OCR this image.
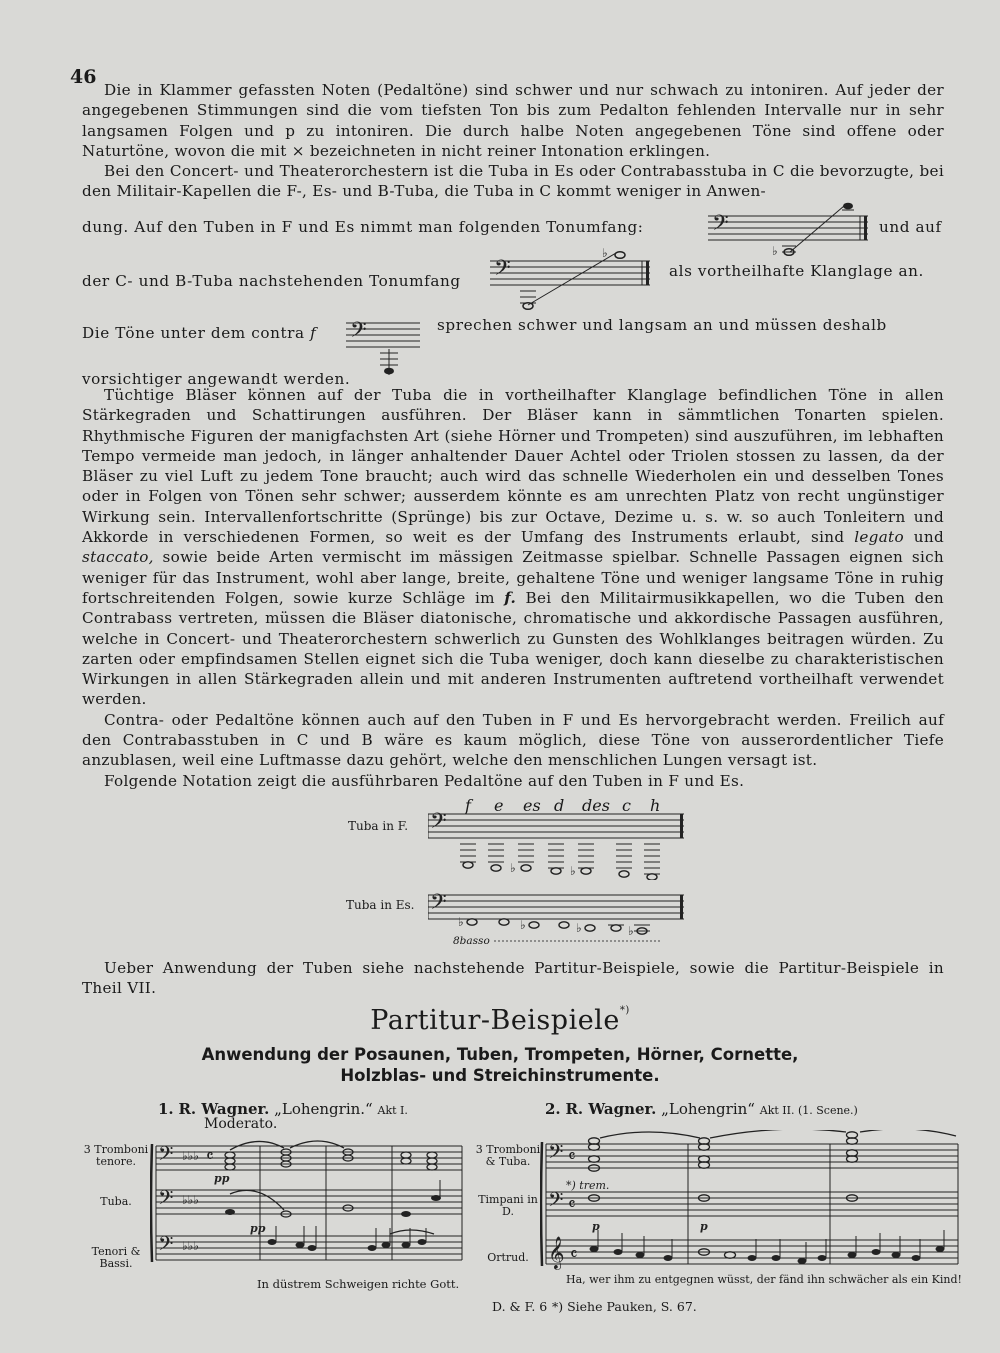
46

Die in Klammer gefassten Noten (Pedaltöne) sind schwer und nur schwach zu intoniren. Auf jeder der angegebenen Stimmungen sind die vom tiefsten Ton bis zum Pedalton fehlenden Intervalle nur in sehr langsamen Folgen und p zu intoniren. Die durch halbe Noten angegebenen Töne sind offene oder Naturtöne, wovon die mit × bezeichneten in nicht reiner Intonation erklingen.

Bei den Concert- und Theaterorchestern ist die Tuba in Es oder Contrabasstuba in C die bevorzugte, bei den Militair-Kapellen die F-, Es- und B-Tuba, die Tuba in C kommt weniger in Anwen-

dung. Auf den Tuben in F und Es nimmt man folgenden Tonumfang:	𝄢
♭
und auf
der C- und B-Tuba nachstehenden Tonumfang 𝄢
♭
als vortheilhafte Klanglage an.
Die Töne unter dem contra f 𝄢	sprechen schwer und langsam an und müssen deshalb
vorsichtiger angewandt werden.

Tüchtige Bläser können auf der Tuba die in vortheilhafter Klanglage befindlichen Töne in allen Stärkegraden und Schattirungen ausführen. Der Bläser kann in sämmtlichen Tonarten spielen. Rhythmische Figuren der manigfachsten Art (siehe Hörner und Trompeten) sind auszuführen, im lebhaften Tempo vermeide man jedoch, in länger anhaltender Dauer Achtel oder Triolen stossen zu lassen, da der Bläser zu viel Luft zu jedem Tone braucht; auch wird das schnelle Wiederholen ein und desselben Tones oder in Folgen von Tönen sehr schwer; ausserdem könnte es am unrechten Platz von recht ungünstiger Wirkung sein. Intervallenfortschritte (Sprünge) bis zur Octave, Dezime u. s. w. so auch Tonleitern und Akkorde in verschiedenen Formen, so weit es der Umfang des Instruments erlaubt, sind legato und staccato, sowie beide Arten vermischt im mässigen Zeitmasse spielbar. Schnelle Passagen eignen sich weniger für das Instrument, wohl aber lange, breite, gehaltene Töne und weniger langsame Töne in ruhig fortschreitenden Folgen, sowie kurze Schläge im f. Bei den Militairmusikkapellen, wo die Tuben den Contrabass vertreten, müssen die Bläser diatonische, chromatische und akkordische Passagen ausführen, welche in Concert- und Theaterorchestern schwerlich zu Gunsten des Wohlklanges beitragen würden. Zu zarten oder empfindsamen Stellen eignet sich die Tuba weniger, doch kann dieselbe zu charakteristischen Wirkungen in allen Stärkegraden allein und mit anderen Instrumenten auftretend vortheilhaft verwendet werden.

Contra- oder Pedaltöne können auch auf den Tuben in F und Es hervorgebracht werden. Freilich auf den Contrabasstuben in C und B wäre es kaum möglich, diese Töne von ausserordentlicher Tiefe anzublasen, weil eine Luftmasse dazu gehört, welche den menschlichen Lungen versagt ist.

Folgende Notation zeigt die ausführbaren Pedaltöne auf den Tuben in F und Es.

f e es d des c h
Tuba in F. 𝄢
♭	♭
Tuba in Es. 𝄢
♭	♭	♭	♭
8basso

Ueber Anwendung der Tuben siehe nachstehende Partitur-Beispiele, sowie die Partitur-Beispiele in Theil VII.

Partitur-Beispiele*)
Anwendung der Posaunen, Tuben, Trompeten, Hörner, Cornette,
Holzblas- und Streichinstrumente.
1. R. Wagner. „Lohengrin.“ Akt I.
Moderato.
3 Tromboni tenore.
Tuba.
Tenori & Bassi.
𝄢
𝄢
𝄢
♭♭♭
♭♭♭
♭♭♭
𝄴
pp
pp
In düstrem Schweigen richte Gott.
2. R. Wagner. „Lohengrin“ Akt II. (1. Scene.)
3 Tromboni & Tuba.
Timpani in D.
Ortrud.
𝄢
𝄢
𝄞
𝄴
𝄴
𝄴
*) trem.
p	p
Ha, wer ihm zu entgegnen wüsst, der fänd ihn schwächer als ein Kind!
D. & F. 6 *) Siehe Pauken, S. 67.
